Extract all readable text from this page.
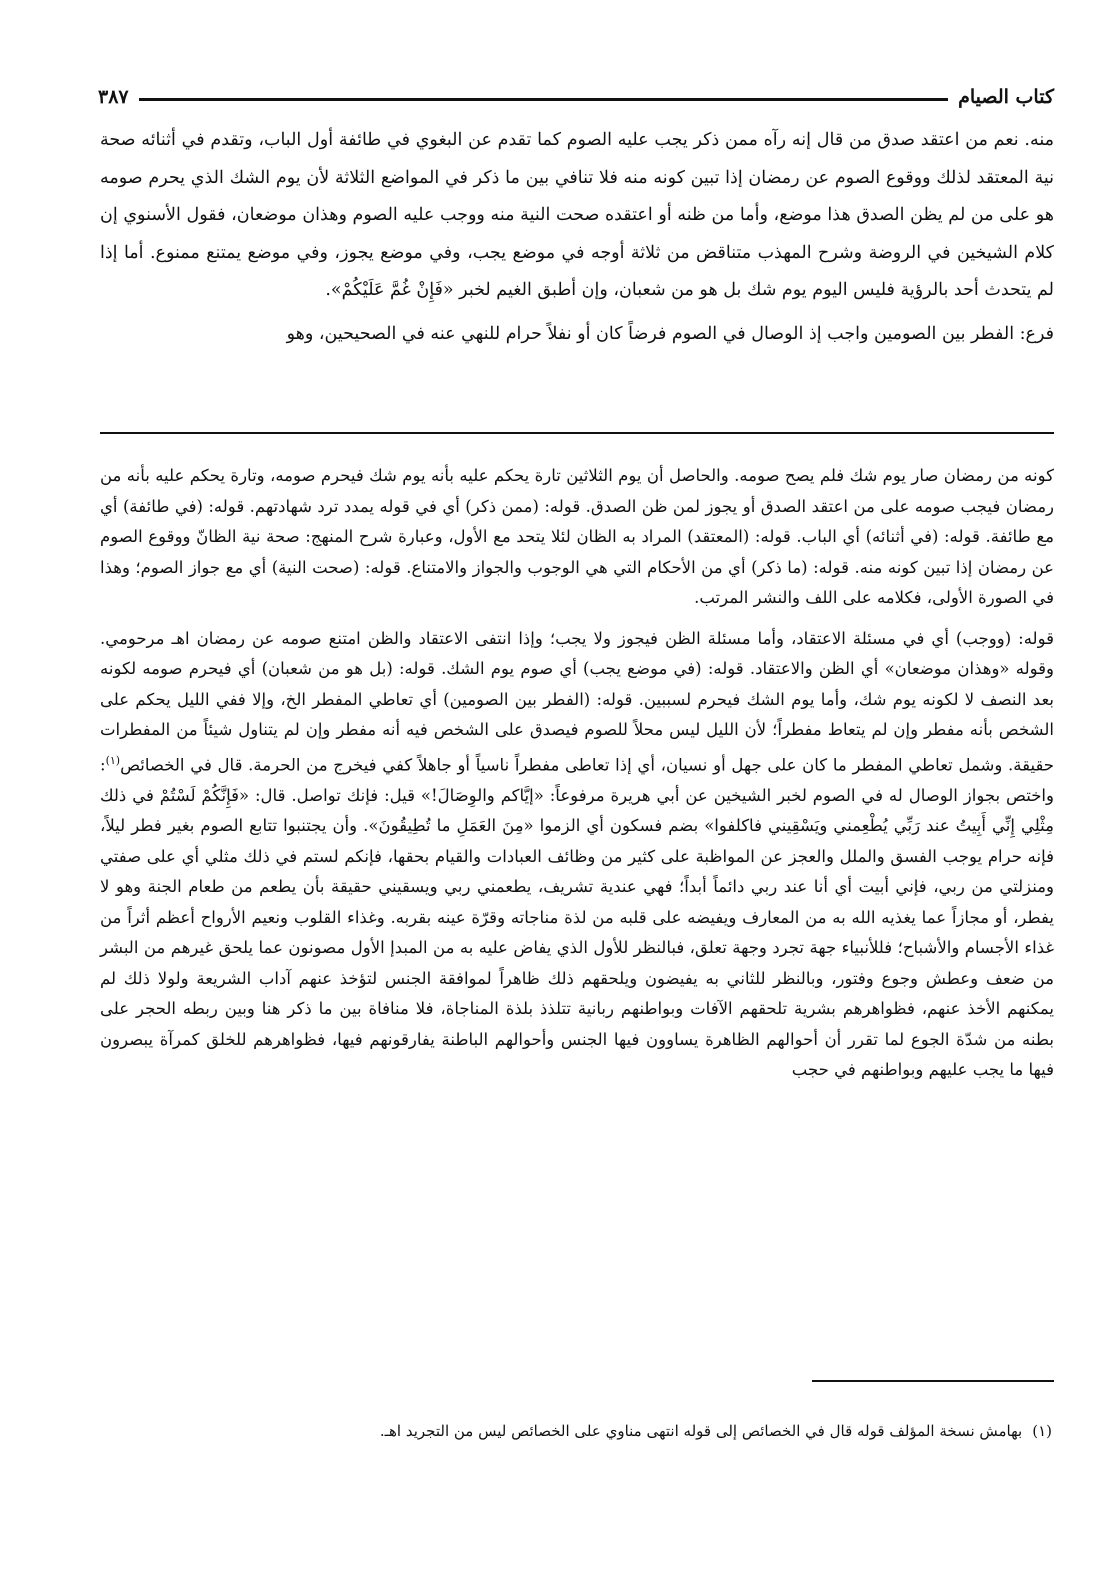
كتاب الصيام
٣٨٧

منه. نعم من اعتقد صدق من قال إنه رآه ممن ذكر يجب عليه الصوم كما تقدم عن البغوي في طائفة أول الباب، وتقدم في أثنائه صحة نية المعتقد لذلك ووقوع الصوم عن رمضان إذا تبين كونه منه فلا تنافي بين ما ذكر في المواضع الثلاثة لأن يوم الشك الذي يحرم صومه هو على من لم يظن الصدق هذا موضع، وأما من ظنه أو اعتقده صحت النية منه ووجب عليه الصوم وهذان موضعان، فقول الأسنوي إن كلام الشيخين في الروضة وشرح المهذب متناقض من ثلاثة أوجه في موضع يجب، وفي موضع يجوز، وفي موضع يمتنع ممنوع. أما إذا لم يتحدث أحد بالرؤية فليس اليوم يوم شك بل هو من شعبان، وإن أطبق الغيم لخبر «فَإِنْ غُمَّ عَلَيْكُمْ».

فرع: الفطر بين الصومين واجب إذ الوصال في الصوم فرضاً كان أو نفلاً حرام للنهي عنه في الصحيحين، وهو

كونه من رمضان صار يوم شك فلم يصح صومه. والحاصل أن يوم الثلاثين تارة يحكم عليه بأنه يوم شك فيحرم صومه، وتارة يحكم عليه بأنه من رمضان فيجب صومه على من اعتقد الصدق أو يجوز لمن ظن الصدق. قوله: (ممن ذكر) أي في قوله يمدد ترد شهادتهم. قوله: (في طائفة) أي مع طائفة. قوله: (في أثنائه) أي الباب. قوله: (المعتقد) المراد به الظان لئلا يتحد مع الأول، وعبارة شرح المنهج: صحة نية الظانّ ووقوع الصوم عن رمضان إذا تبين كونه منه. قوله: (ما ذكر) أي من الأحكام التي هي الوجوب والجواز والامتناع. قوله: (صحت النية) أي مع جواز الصوم؛ وهذا في الصورة الأولى، فكلامه على اللف والنشر المرتب.

قوله: (ووجب) أي في مسئلة الاعتقاد، وأما مسئلة الظن فيجوز ولا يجب؛ وإذا انتفى الاعتقاد والظن امتنع صومه عن رمضان اهـ مرحومي. وقوله «وهذان موضعان» أي الظن والاعتقاد. قوله: (في موضع يجب) أي صوم يوم الشك. قوله: (بل هو من شعبان) أي فيحرم صومه لكونه بعد النصف لا لكونه يوم شك، وأما يوم الشك فيحرم لسببين. قوله: (الفطر بين الصومين) أي تعاطي المفطر الخ، وإلا ففي الليل يحكم على الشخص بأنه مفطر وإن لم يتعاط مفطراً؛ لأن الليل ليس محلاً للصوم فيصدق على الشخص فيه أنه مفطر وإن لم يتناول شيئاً من المفطرات حقيقة. وشمل تعاطي المفطر ما كان على جهل أو نسيان، أي إذا تعاطى مفطراً ناسياً أو جاهلاً كفي فيخرج من الحرمة. قال في الخصائص$^{(١)}$: واختص بجواز الوصال له في الصوم لخبر الشيخين عن أبي هريرة مرفوعاً: «إيَّاكم والوِصَالَ!» قيل: فإنك تواصل. قال: «فَإِنَّكُمْ لَسْتُمْ في ذلك مِثْلِي إِنِّي أَبِيتُ عند رَبِّي يُطْعِمني ويَسْقِيني فاكلفوا» بضم فسكون أي الزموا «مِنَ العَمَلِ ما تُطِيقُونَ». وأن يجتنبوا تتابع الصوم بغير فطر ليلاً، فإنه حرام يوجب الفسق والملل والعجز عن المواظبة على كثير من وظائف العبادات والقيام بحقها، فإنكم لستم في ذلك مثلي أي على صفتي ومنزلتي من ربي، فإني أبيت أي أنا عند ربي دائماً أبداً؛ فهي عندية تشريف، يطعمني ربي ويسقيني حقيقة بأن يطعم من طعام الجنة وهو لا يفطر، أو مجازاً عما يغذيه الله به من المعارف ويفيضه على قلبه من لذة مناجاته وقرّة عينه بقربه. وغذاء القلوب ونعيم الأرواح أعظم أثراً من غذاء الأجسام والأشباح؛ فللأنبياء جهة تجرد وجهة تعلق، فبالنظر للأول الذي يفاض عليه به من المبدإ الأول مصونون عما يلحق غيرهم من البشر من ضعف وعطش وجوع وفتور، وبالنظر للثاني به يفيضون ويلحقهم ذلك ظاهراً لموافقة الجنس لتؤخذ عنهم آداب الشريعة ولولا ذلك لم يمكنهم الأخذ عنهم، فظواهرهم بشرية تلحقهم الآفات وبواطنهم ربانية تتلذذ بلذة المناجاة، فلا منافاة بين ما ذكر هنا وبين ربطه الحجر على بطنه من شدّة الجوع لما تقرر أن أحوالهم الظاهرة يساوون فيها الجنس وأحوالهم الباطنة يفارقونهم فيها، فظواهرهم للخلق كمرآة يبصرون فيها ما يجب عليهم وبواطنهم في حجب

(١)بهامش نسخة المؤلف قوله قال في الخصائص إلى قوله انتهى مناوي على الخصائص ليس من التجريد اهـ.
